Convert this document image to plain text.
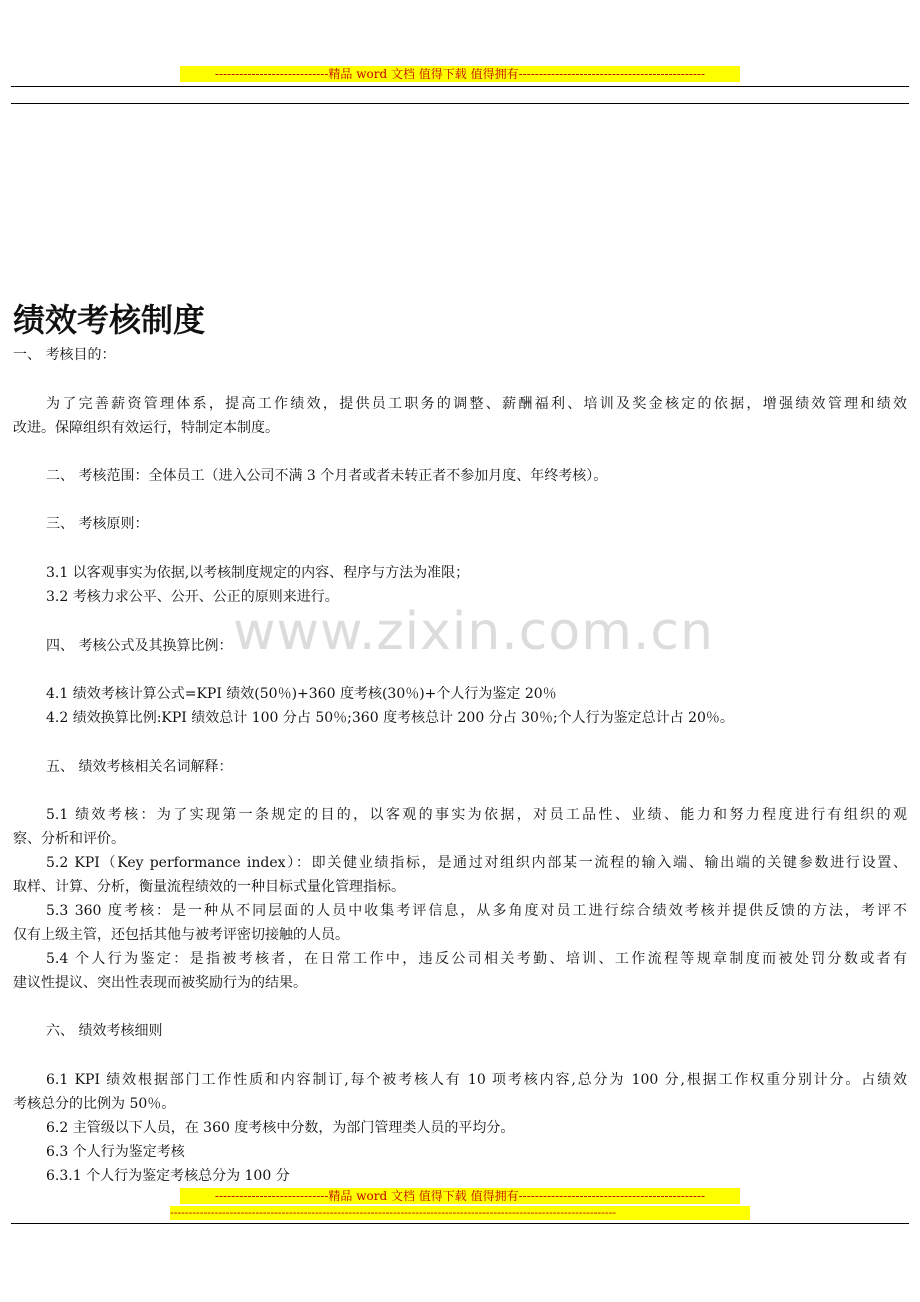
----------------------------精品 word 文档 值得下载 值得拥有----------------------------------------------
www.zixin.com.cn
绩效考核制度
一、 考核目的：
为了完善薪资管理体系，提高工作绩效，提供员工职务的调整、薪酬福利、培训及奖金核定的依据，增强绩效管理和绩效
改进。保障组织有效运行，特制定本制度。
二、 考核范围：全体员工（进入公司不满 3 个月者或者未转正者不参加月度、年终考核）。
三、 考核原则：
3.1 以客观事实为依据,以考核制度规定的内容、程序与方法为准限；
3.2 考核力求公平、公开、公正的原则来进行。
四、 考核公式及其换算比例：
4.1 绩效考核计算公式=KPI 绩效(50％)+360 度考核(30％)+个人行为鉴定 20％
4.2 绩效换算比例:KPI 绩效总计 100 分占 50％;360 度考核总计 200 分占 30％;个人行为鉴定总计占 20％。
五、 绩效考核相关名词解释：
5.1 绩效考核：为了实现第一条规定的目的，以客观的事实为依据，对员工品性、业绩、能力和努力程度进行有组织的观
察、分析和评价。
5.2 KPI（Key performance index）：即关健业绩指标，是通过对组织内部某一流程的输入端、输出端的关键参数进行设置、
取样、计算、分析，衡量流程绩效的一种目标式量化管理指标。
5.3 360 度考核：是一种从不同层面的人员中收集考评信息，从多角度对员工进行综合绩效考核并提供反馈的方法，考评不
仅有上级主管，还包括其他与被考评密切接触的人员。
5.4 个人行为鉴定：是指被考核者，在日常工作中，违反公司相关考勤、培训、工作流程等规章制度而被处罚分数或者有
建议性提议、突出性表现而被奖励行为的结果。
六、 绩效考核细则
6.1 KPI 绩效根据部门工作性质和内容制订,每个被考核人有 10 项考核内容,总分为 100 分,根据工作权重分别计分。占绩效
考核总分的比例为 50％。
6.2 主管级以下人员，在 360 度考核中分数，为部门管理类人员的平均分。
6.3 个人行为鉴定考核
6.3.1 个人行为鉴定考核总分为 100 分
----------------------------精品 word 文档 值得下载 值得拥有----------------------------------------------
------------------------------------------------------------------------------------------------------------------------
